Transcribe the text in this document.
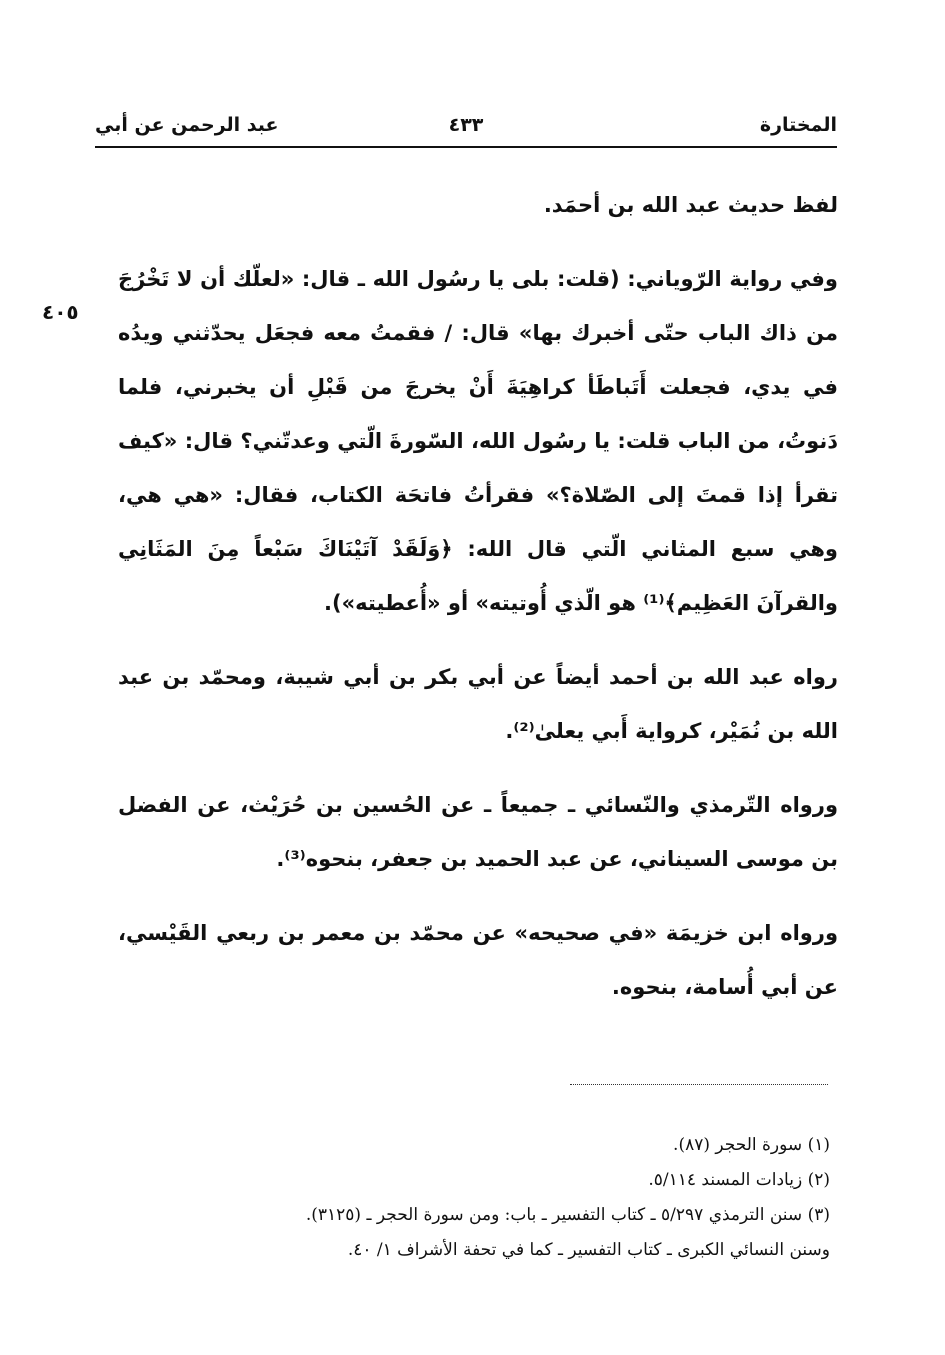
المختارة
٤٣٣
عبد الرحمن عن أبي
٤٠٥

لفظ حديث عبد الله بن أحمَد.

وفي رواية الرّوياني: (قلت: بلى يا رسُول الله ـ قال: «لعلّك أن لا تَخْرُجَ من ذاك الباب حتّى أخبرك بها» قال: / فقمتُ معه فجعَل يحدّثني ويدُه في يدي، فجعلت أَتَباطَأ كراهِيَةَ أَنْ يخرجَ من قَبْلِ أن يخبرني، فلما دَنوتُ، من الباب قلت: يا رسُول الله، السّورةَ الّتي وعدتّني؟ قال: «كيف تقرأ إذا قمتَ إلى الصّلاة؟» فقرأتُ فاتحَة الكتاب، فقال: «هي هي، وهي سبع المثاني الّتي قال الله: ﴿وَلَقَدْ آتَيْنَاكَ سَبْعاً مِنَ المَثَانِي والقرآنَ العَظِيم﴾⁽¹⁾ هو الّذي أُوتيته» أو «أُعطيته»).

رواه عبد الله بن أحمد أيضاً عن أبي بكر بن أبي شيبة، ومحمّد بن عبد الله بن نُمَيْر، كرواية أَبي يعلىٰ⁽²⁾.

ورواه التّرمذي والنّسائي ـ جميعاً ـ عن الحُسين بن حُرَيْث، عن الفضل بن موسى السيناني، عن عبد الحميد بن جعفر، بنحوه⁽³⁾.

ورواه ابن خزيمَة «في صحيحه» عن محمّد بن معمر بن ربعي القَيْسي، عن أبي أُسامة، بنحوه.

(١) سورة الحجر (٨٧).

(٢) زيادات المسند ٥/١١٤.

(٣) سنن الترمذي ٥/٢٩٧ ـ كتاب التفسير ـ باب: ومن سورة الحجر ـ (٣١٢٥).

وسنن النسائي الكبرى ـ كتاب التفسير ـ كما في تحفة الأشراف ١/ ٤٠.
